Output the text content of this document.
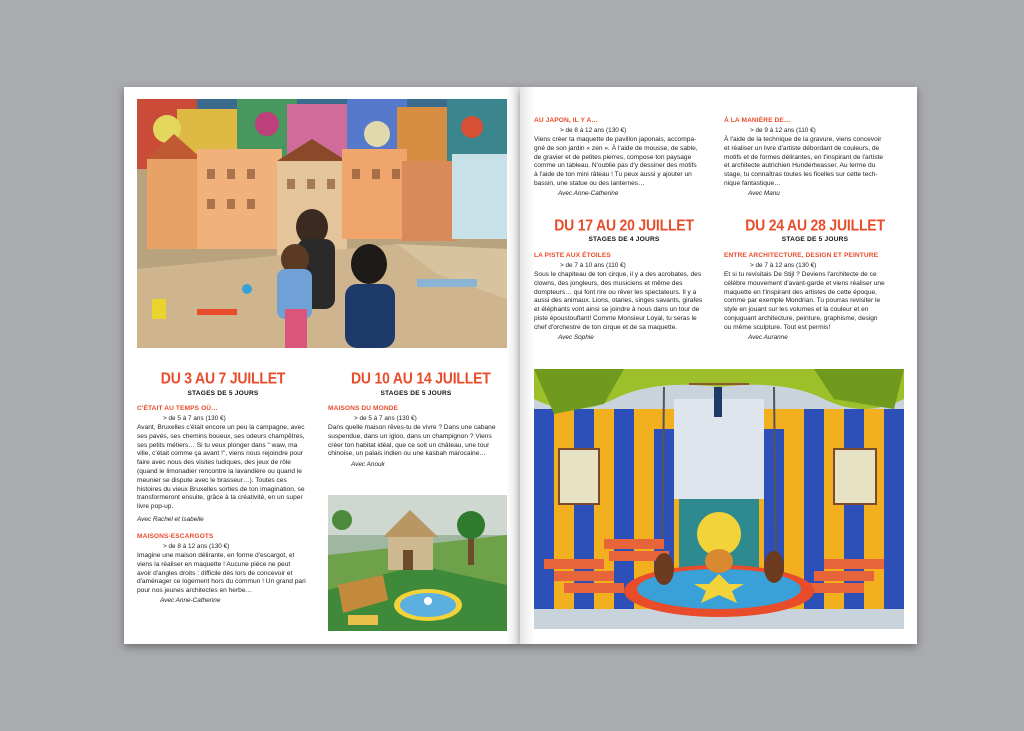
DU 3 AU 7 JUILLET
STAGES DE 5 JOURS
DU 10 AU 14 JUILLET
STAGES DE 5 JOURS
C'ÉTAIT AU TEMPS OÙ…
> de 5 à 7 ans (130 €)
Avant, Bruxelles c'était encore un peu la campagne, avec
ses pavés, ses chemins boueux, ses odeurs champêtres,
ses petits métiers… Si tu veux plonger dans " waw, ma
ville, c'était comme ça avant !", viens nous rejoindre pour
faire avec nous des visites ludiques, des jeux de rôle
(quand le limonadier rencontre la lavandière ou quand le
meunier se dispute avec le brasseur…). Toutes ces
histoires du vieux Bruxelles sorties de ton imagination, se
transformeront ensuite, grâce à ta créativité, en un super
livre pop-up.
Avec Rachel et Isabelle
MAISONS-ESCARGOTS
> de 8 à 12 ans (130 €)
Imagine une maison délirante, en forme d'escargot, et
viens la réaliser en maquette ! Aucune pièce ne peut
avoir d'angles droits : difficile dès lors de concevoir et
d'aménager ce logement hors du commun ! Un grand pari
pour nos jeunes architectes en herbe…
Avec Anne-Catherine
MAISONS DU MONDE
> de 5 à 7 ans (130 €)
Dans quelle maison rêves-tu de vivre ? Dans une cabane
suspendue, dans un igloo, dans un champignon ? Viens
créer ton habitat idéal, que ce soit un château, une tour
chinoise, un palais indien ou une kasbah marocaine…
Avec Anouk
AU JAPON, IL Y A…
> de 8 à 12 ans (130 €)
Viens créer ta maquette de pavillon japonais, accompa-
gné de son jardin « zen ». À l'aide de mousse, de sable,
de gravier et de petites pierres, compose ton paysage
comme un tableau. N'oublie pas d'y dessiner des motifs
à l'aide de ton mini râteau ! Tu peux aussi y ajouter un
bassin, une statue ou des lanternes…
Avec Anne-Catherine
À LA MANIÈRE DE…
> de 9 à 12 ans (110 €)
À l'aide de la technique de la gravure, viens concevoir
et réaliser un livre d'artiste débordant de couleurs, de
motifs et de formes délirantes, en t'inspirant de l'artiste
et architecte autrichien Hundertwasser. Au terme du
stage, tu connaîtras toutes les ficelles sur cette tech-
nique fantastique…
Avec Manu
DU 17 AU 20 JUILLET
STAGES DE 4 JOURS
DU 24 AU 28 JUILLET
STAGE DE 5 JOURS
LA PISTE AUX ÉTOILES
> de 7 à 10 ans (110 €)
Sous le chapiteau de ton cirque, il y a des acrobates, des
clowns, des jongleurs, des musiciens et même des
dompteurs… qui font rire ou rêver les spectateurs. Il y a
aussi des animaux. Lions, otaries, singes savants, girafes
et éléphants vont ainsi se joindre à nous dans un tour de
piste époustouflant! Comme Monsieur Loyal, tu seras le
chef d'orchestre de ton cirque et de sa maquette.
Avec Sophie
ENTRE ARCHITECTURE, DESIGN ET PEINTURE
> de 7 à 12 ans (130 €)
Et si tu revisitais De Stijl ? Deviens l'architecte de ce
célèbre mouvement d'avant-garde et viens réaliser une
maquette en t'inspirant des artistes de cette époque,
comme par exemple Mondrian. Tu pourras revisiter le
style en jouant sur les volumes et la couleur et en
conjuguant architecture, peinture, graphisme, design
ou même sculpture. Tout est permis!
Avec Auranne
